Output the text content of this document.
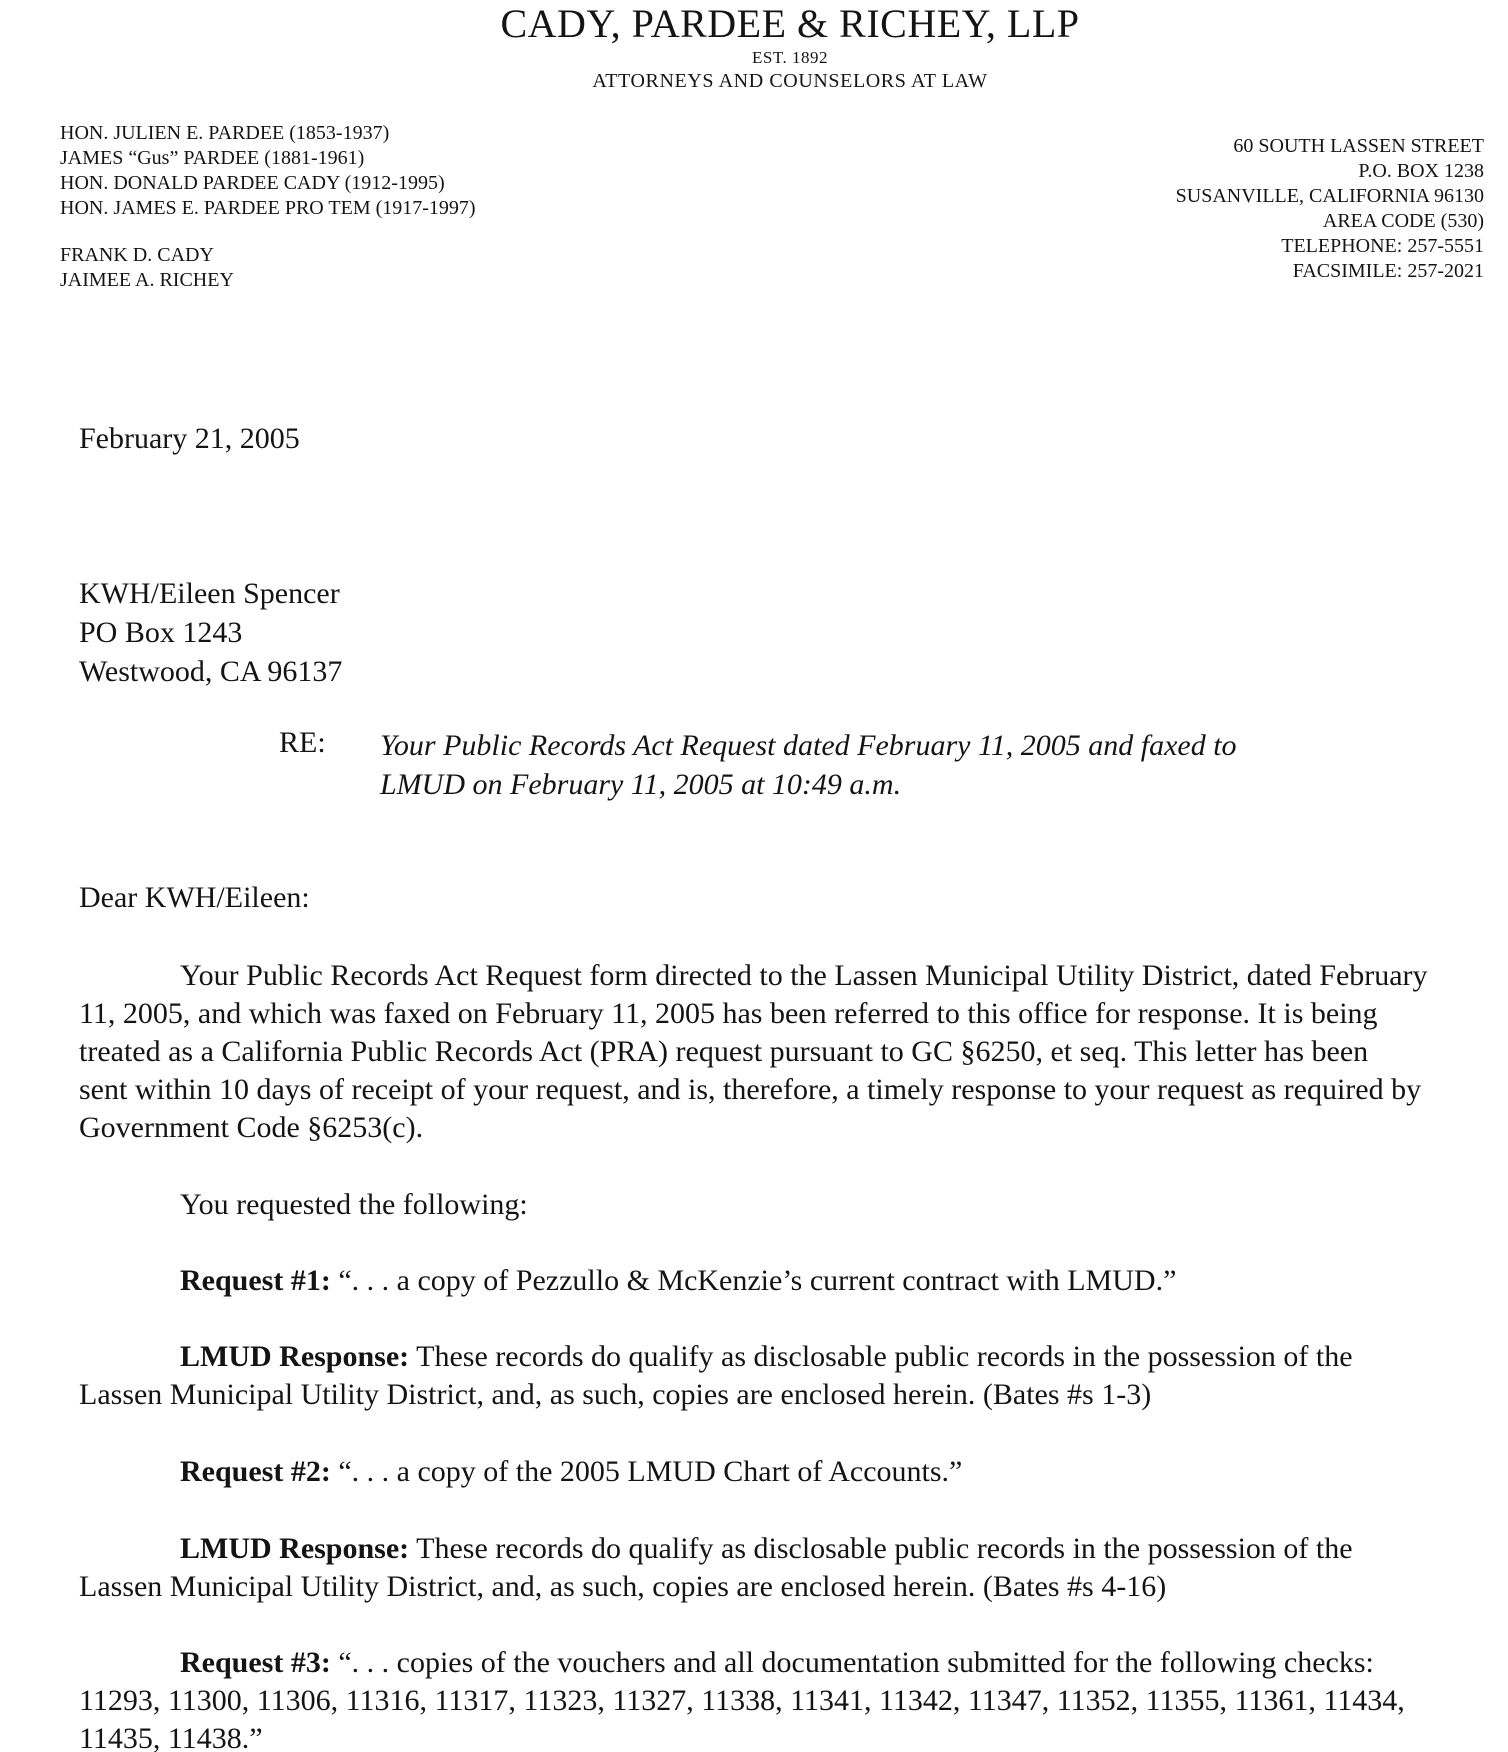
CADY, PARDEE & RICHEY, LLP
EST. 1892
ATTORNEYS AND COUNSELORS AT LAW
HON. JULIEN E. PARDEE (1853-1937)
JAMES “Gus” PARDEE (1881-1961)
HON. DONALD PARDEE CADY (1912-1995)
HON. JAMES E. PARDEE PRO TEM (1917-1997)
FRANK D. CADY
JAIMEE A. RICHEY
60 SOUTH LASSEN STREET
P.O. BOX 1238
SUSANVILLE, CALIFORNIA 96130
AREA CODE (530)
TELEPHONE: 257-5551
FACSIMILE: 257-2021
February 21, 2005
KWH/Eileen Spencer
PO Box 1243
Westwood, CA 96137
RE: Your Public Records Act Request dated February 11, 2005 and faxed to
LMUD on February 11, 2005 at 10:49 a.m.
Dear KWH/Eileen:
Your Public Records Act Request form directed to the Lassen Municipal Utility District, dated February
11, 2005, and which was faxed on February 11, 2005 has been referred to this office for response. It is being
treated as a California Public Records Act (PRA) request pursuant to GC §6250, et seq. This letter has been
sent within 10 days of receipt of your request, and is, therefore, a timely response to your request as required by
Government Code §6253(c).
You requested the following:
Request #1: “. . . a copy of Pezzullo & McKenzie’s current contract with LMUD.”
LMUD Response: These records do qualify as disclosable public records in the possession of the
Lassen Municipal Utility District, and, as such, copies are enclosed herein. (Bates #s 1-3)
Request #2: “. . . a copy of the 2005 LMUD Chart of Accounts.”
LMUD Response: These records do qualify as disclosable public records in the possession of the
Lassen Municipal Utility District, and, as such, copies are enclosed herein. (Bates #s 4-16)
Request #3: “. . . copies of the vouchers and all documentation submitted for the following checks:
11293, 11300, 11306, 11316, 11317, 11323, 11327, 11338, 11341, 11342, 11347, 11352, 11355, 11361, 11434,
11435, 11438.”
